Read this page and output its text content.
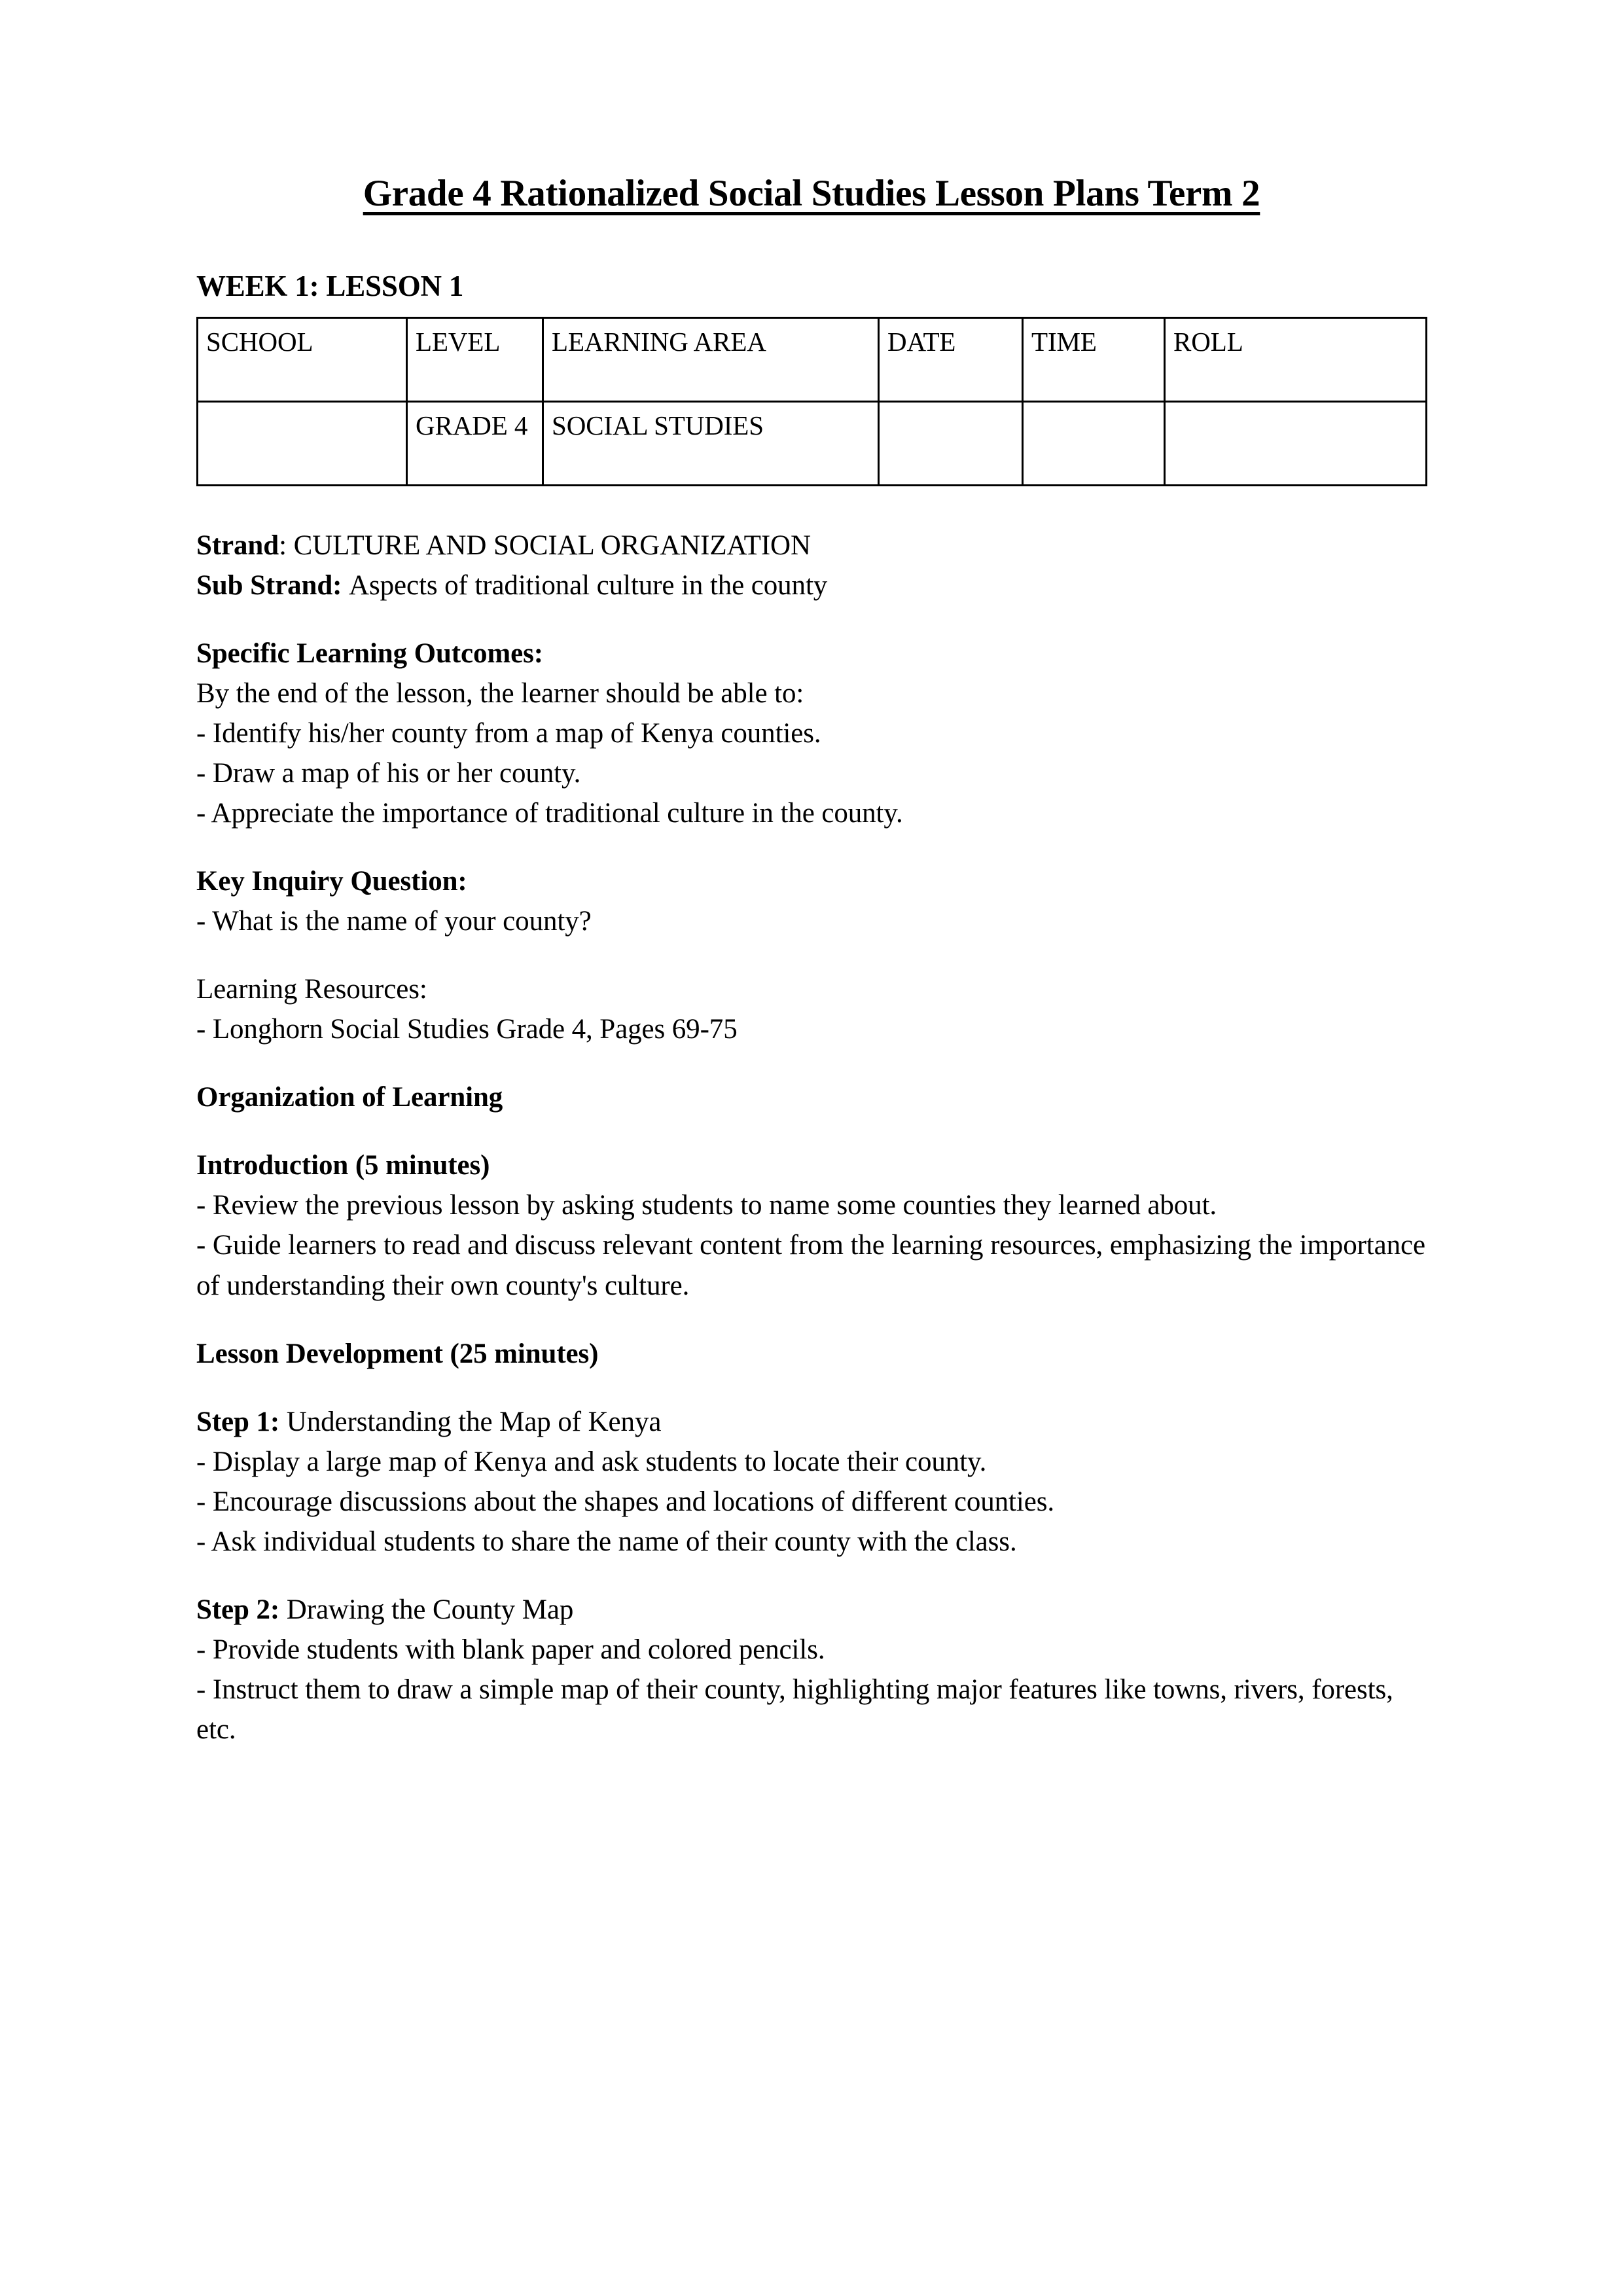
Grade 4 Rationalized Social Studies Lesson Plans Term 2
WEEK 1: LESSON 1
SCHOOL	LEVEL	LEARNING AREA	DATE	TIME	ROLL
	GRADE 4	SOCIAL STUDIES			

Strand: CULTURE AND SOCIAL ORGANIZATION

Sub Strand: Aspects of traditional culture in the county

Specific Learning Outcomes:

By the end of the lesson, the learner should be able to:

- Identify his/her county from a map of Kenya counties.

- Draw a map of his or her county.

- Appreciate the importance of traditional culture in the county.

Key Inquiry Question:

- What is the name of your county?

Learning Resources:

- Longhorn Social Studies Grade 4, Pages 69-75

Organization of Learning

Introduction (5 minutes)

- Review the previous lesson by asking students to name some counties they learned about.

- Guide learners to read and discuss relevant content from the learning resources, emphasizing the importance of understanding their own county's culture.

Lesson Development (25 minutes)

Step 1: Understanding the Map of Kenya

- Display a large map of Kenya and ask students to locate their county.

- Encourage discussions about the shapes and locations of different counties.

- Ask individual students to share the name of their county with the class.

Step 2: Drawing the County Map

- Provide students with blank paper and colored pencils.

- Instruct them to draw a simple map of their county, highlighting major features like towns, rivers, forests, etc.
